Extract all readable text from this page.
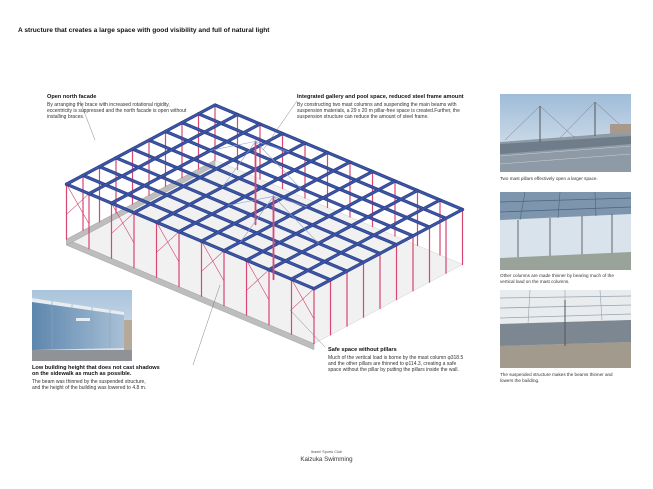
A structure that creates a large space with good visibility and full of natural light
Open north facade
By arranging the brace with increased rotational rigidity,
eccentricity is suppressed and the north facade is open without
installing braces.
Integrated gallery and pool space, reduced steel frame amount
By constructing two mast columns and suspending the main beams with
suspension materials, a 29 x 20 m pillar-free space is created.Further, the
suspension structure can reduce the amount of steel frame.
Safe space without pillars
Much of the vertical load is borne by the mast column φ318.5
and the other pillars are thinned to φ114.3, creating a safe
space without the pillar by putting the pillars inside the wall.
Low building height that does not cast shadows
on the sidewalk as much as possible.
The beam was thinned by the suspended structure,
and the height of the building was lowered to 4.8 m.
Two mast pillars effectively open a larger space.
Other columns are made thinner by bearing much of the
vertical load on the mast columns.
The suspended structure makes the beams thinner and
lowers the building.
Ibashi Sports Club
Kaizuka Swimming
